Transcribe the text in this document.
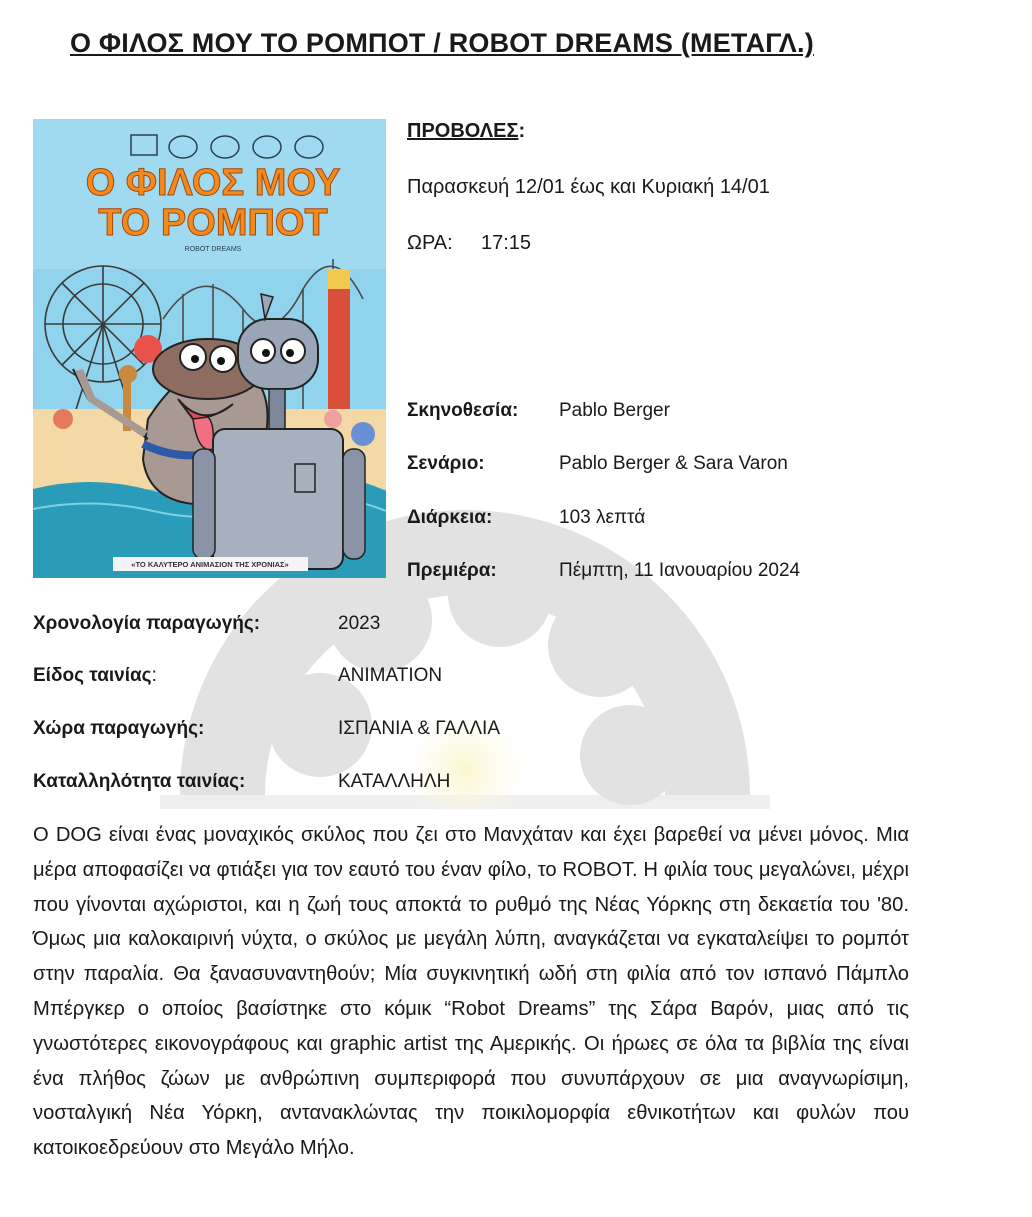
Ο ΦΙΛΟΣ ΜΟΥ ΤΟ ΡΟΜΠΟΤ / ROBOT DREAMS (ΜΕΤΑΓΛ.)
«ΤΟ ΚΑΛΥΤΕΡΟ ΑΝΙΜΑΣΙΟΝ ΤΗΣ ΧΡΟΝΙΑΣ»
Ο ΦΙΛΟΣ ΜΟΥ
ΤΟ ΡΟΜΠΟΤ
ROBOT DREAMS
ΠΡΟΒΟΛΕΣ:
Παρασκευή 12/01 έως και Κυριακή 14/01
ΩΡΑ: 17:15
Σκηνοθεσία: Pablo Berger
Σενάριο:	Pablo Berger & Sara Varon
Διάρκεια:	103 λεπτά
Πρεμιέρα:	Πέμπτη, 11 Ιανουαρίου 2024
Χρονολογία παραγωγής:	2023
Είδος ταινίας:	ΑΝΙΜΑΤΙΟΝ
Χώρα παραγωγής:	ΙΣΠΑΝΙΑ & ΓΑΛΛΙΑ
Καταλληλότητα ταινίας:	ΚΑΤΑΛΛΗΛΗ

Ο DOG είναι ένας μοναχικός σκύλος που ζει στο Μανχάταν και έχει βαρεθεί να μένει μόνος. Μια μέρα αποφασίζει να φτιάξει για τον εαυτό του έναν φίλο, το ROBOT. Η φιλία τους μεγαλώνει, μέχρι που γίνονται αχώριστοι, και η ζωή τους αποκτά το ρυθμό της Νέας Υόρκης στη δεκαετία του '80. Όμως μια καλοκαιρινή νύχτα, ο σκύλος με μεγάλη λύπη, αναγκάζεται να εγκαταλείψει το ρομπότ στην παραλία. Θα ξανασυναντηθούν; Μία συγκινητική ωδή στη φιλία από τον ισπανό Πάμπλο Μπέργκερ ο οποίος βασίστηκε στο κόμικ “Robot Dreams” της Σάρα Βαρόν, μιας από τις γνωστότερες εικονογράφους και graphic artist της Αμερικής. Οι ήρωες σε όλα τα βιβλία της είναι ένα πλήθος ζώων με ανθρώπινη συμπεριφορά που συνυπάρχουν σε μια αναγνωρίσιμη, νοσταλγική Νέα Υόρκη, αντανακλώντας την ποικιλομορφία εθνικοτήτων και φυλών που κατοικοεδρεύουν στο Μεγάλο Μήλο.
